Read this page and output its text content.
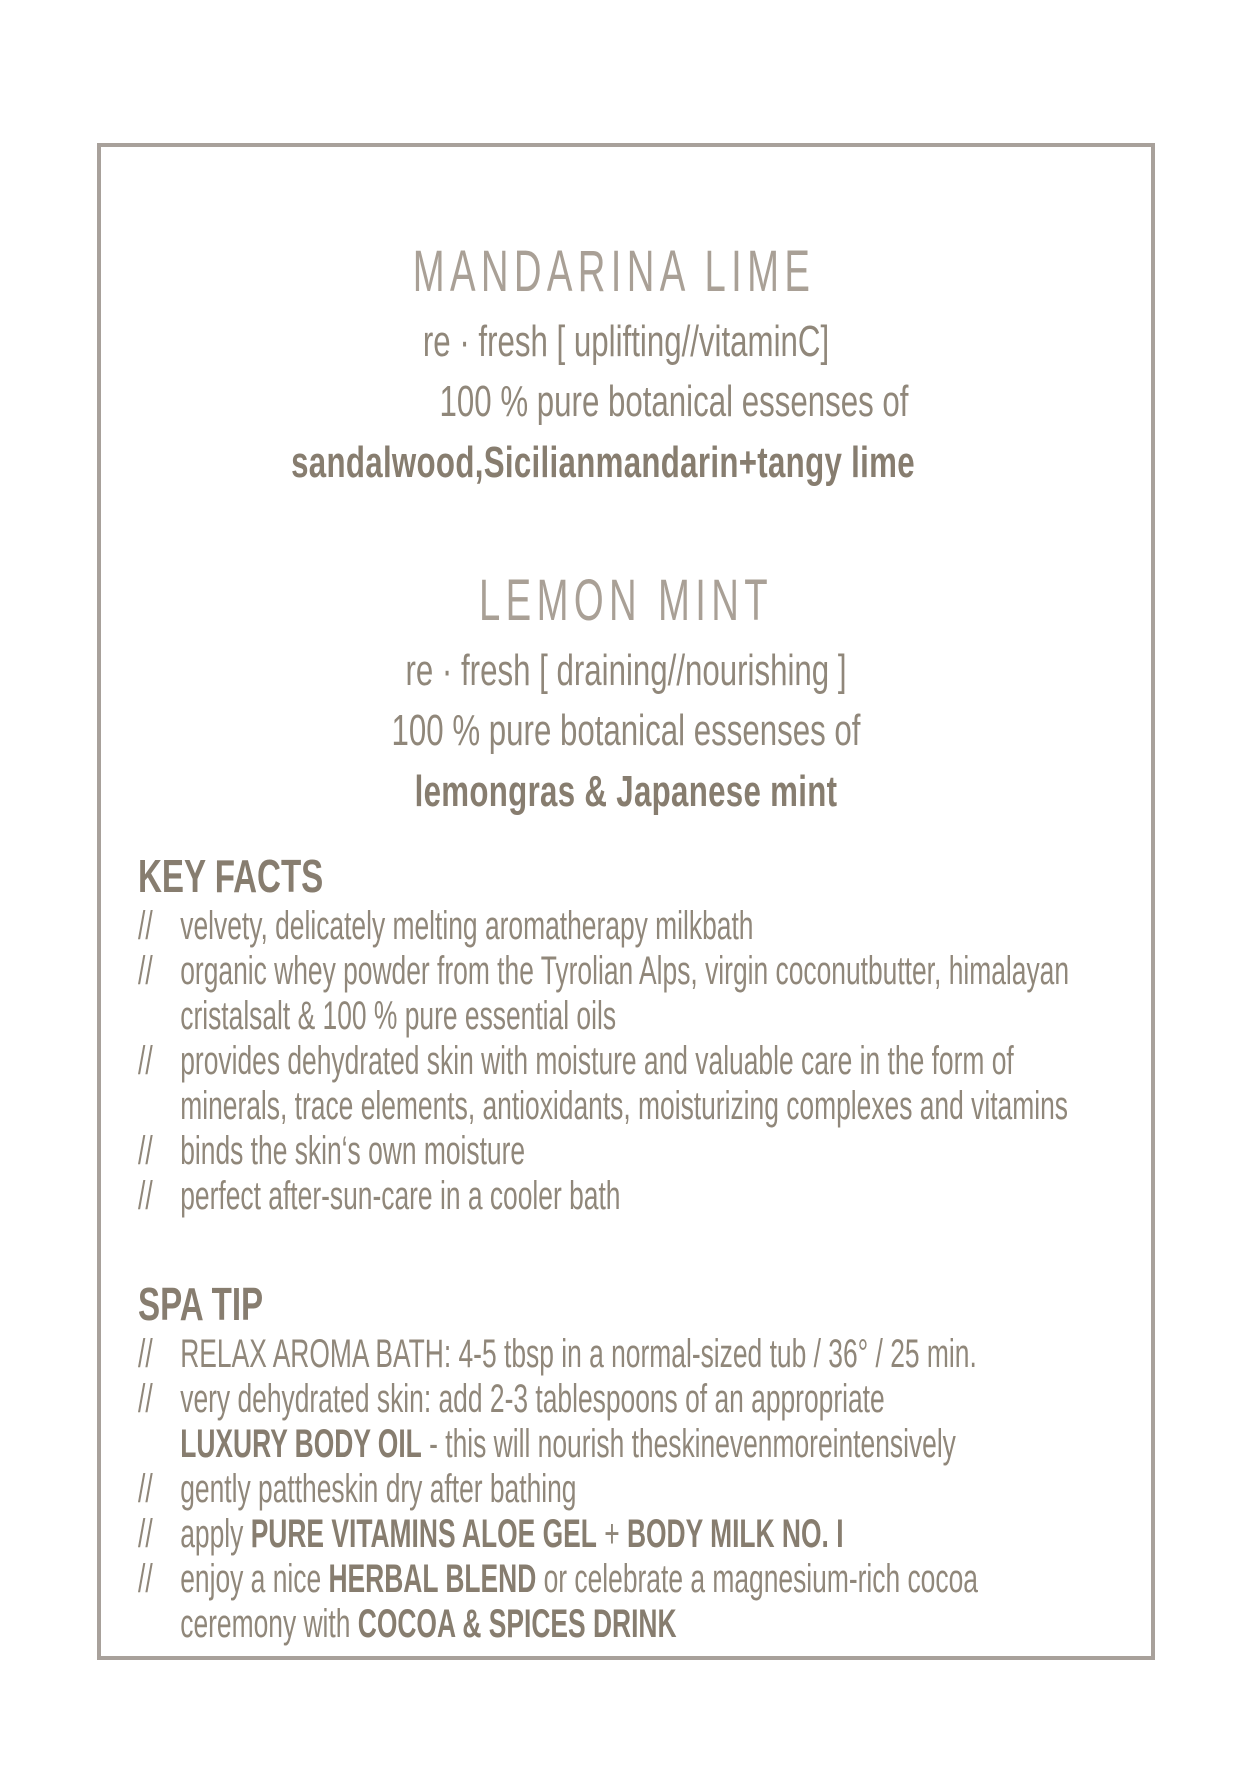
MANDARINA LIME

re · fresh [ uplifting//vitaminC]

100 % pure botanical essenses of

sandalwood,Sicilianmandarin+tangy lime

LEMON MINT

re · fresh [ draining//nourishing ]

100 % pure botanical essenses of

lemongras & Japanese mint

KEY FACTS
// velvety, delicately melting aromatherapy milkbath
// organic whey powder from the Tyrolian Alps, virgin coconutbutter, himalayan
cristalsalt & 100 % pure essential oils
// provides dehydrated skin with moisture and valuable care in the form of
minerals, trace elements, antioxidants, moisturizing complexes and vitamins
// binds the skin‘s own moisture
// perfect after-sun-care in a cooler bath
SPA TIP
// RELAX AROMA BATH: 4-5 tbsp in a normal-sized tub / 36° / 25 min.
// very dehydrated skin: add 2-3 tablespoons of an appropriate
LUXURY BODY OIL - this will nourish theskinevenmoreintensively
// gently pattheskin dry after bathing
// apply PURE VITAMINS ALOE GEL + BODY MILK NO. I
// enjoy a nice HERBAL BLEND or celebrate a magnesium-rich cocoa
ceremony with COCOA & SPICES DRINK
